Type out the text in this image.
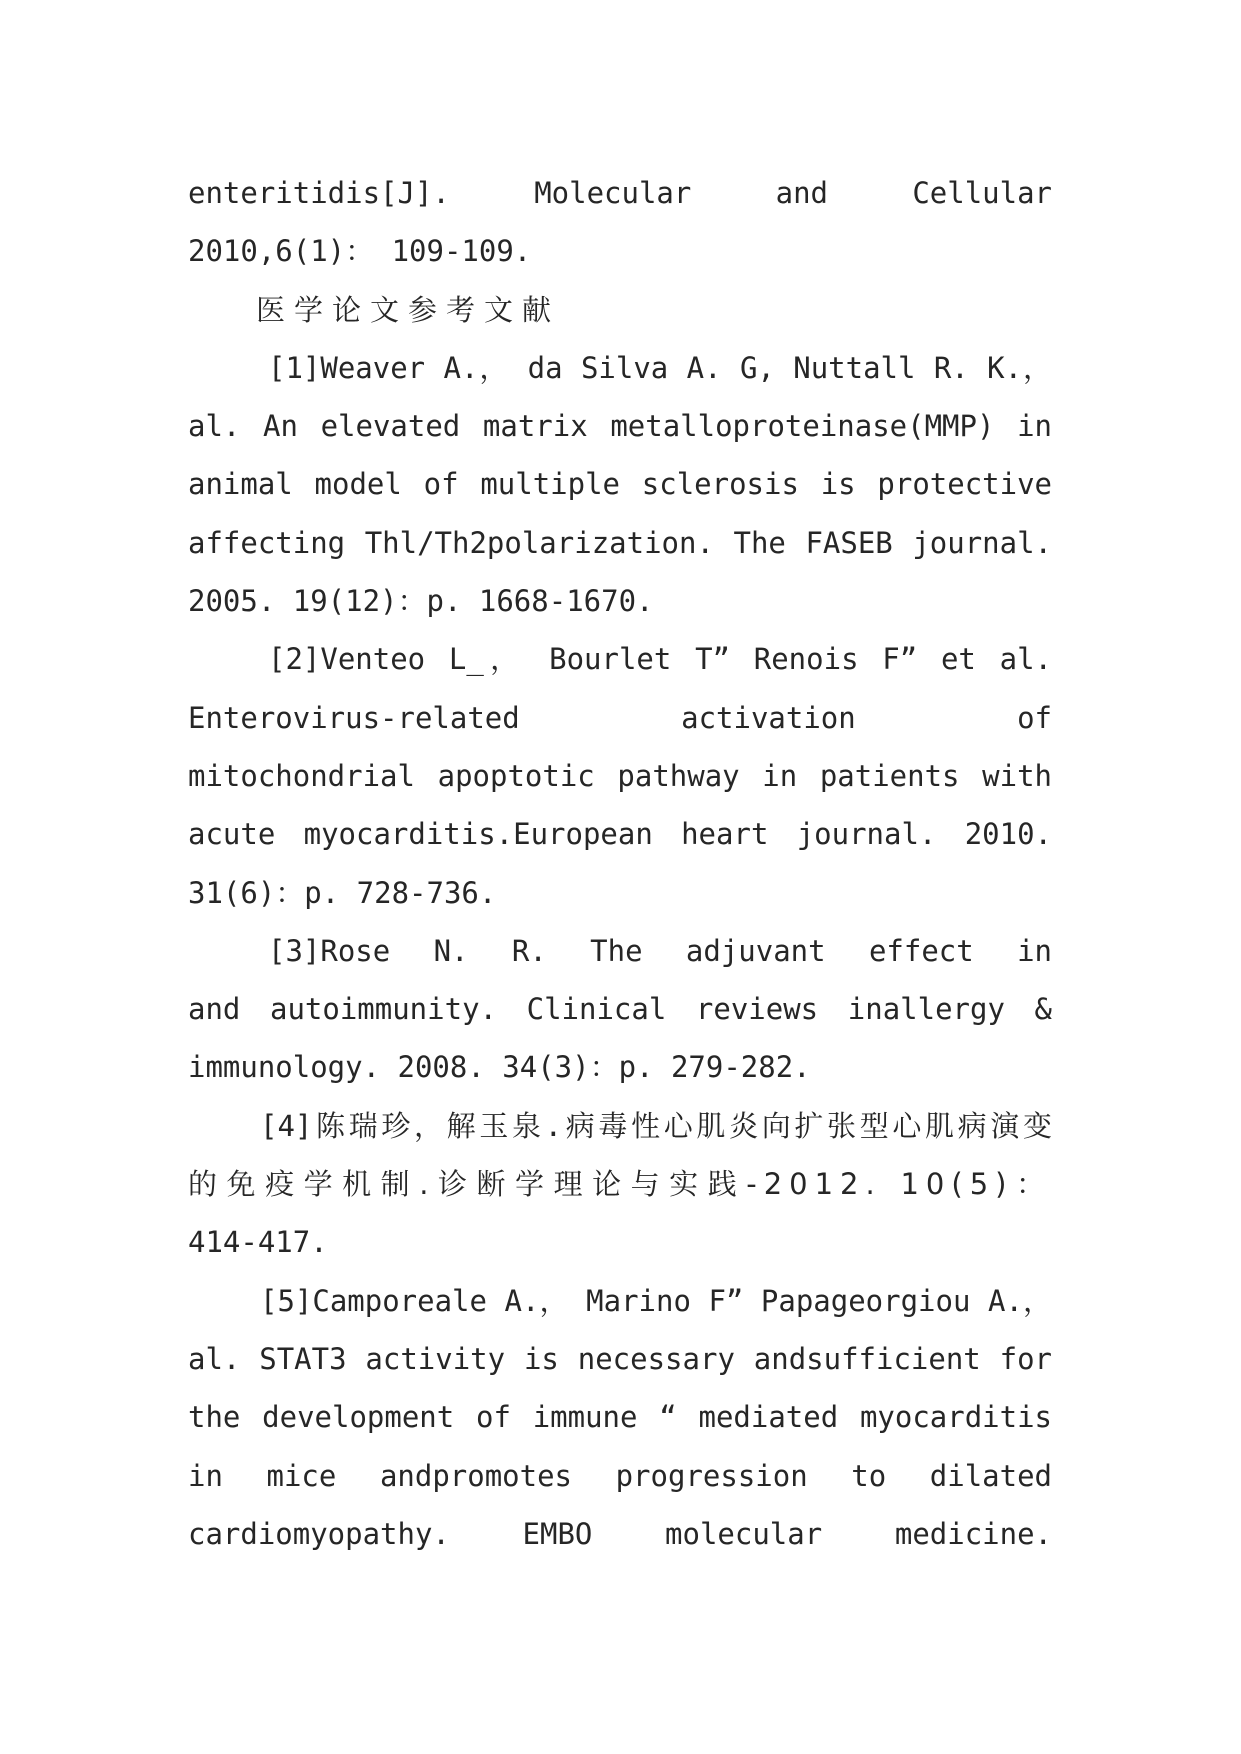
enteritidis[J]. Molecular and Cellular
2010,6(1)： 109-109.
医学论文参考文献
[1]Weaver A.， da Silva A. G, Nuttall R. K.，
al. An elevated matrix metalloproteinase(MMP) in
animal model of multiple sclerosis is protective
affecting Thl/Th2polarization. The FASEB journal.
2005. 19(12)：p. 1668-1670.
[2]Venteo L_， Bourlet T” Renois F” et al.
Enterovirus-related activation of
mitochondrial apoptotic pathway in patients with
acute myocarditis.European heart journal. 2010.
31(6)：p. 728-736.
[3]Rose N. R. The adjuvant effect in
and autoimmunity. Clinical reviews inallergy &
immunology. 2008. 34(3)：p. 279-282.
[4]陈瑞珍，解玉泉.病毒性心肌炎向扩张型心肌病演变
的免疫学机制.诊断学理论与实践-2012. 10(5)：
414-417.
[5]Camporeale A.， Marino F” Papageorgiou A.，
al. STAT3 activity is necessary andsufficient for
the development of immune “ mediated myocarditis
in mice andpromotes progression to dilated
cardiomyopathy. EMBO molecular medicine.
